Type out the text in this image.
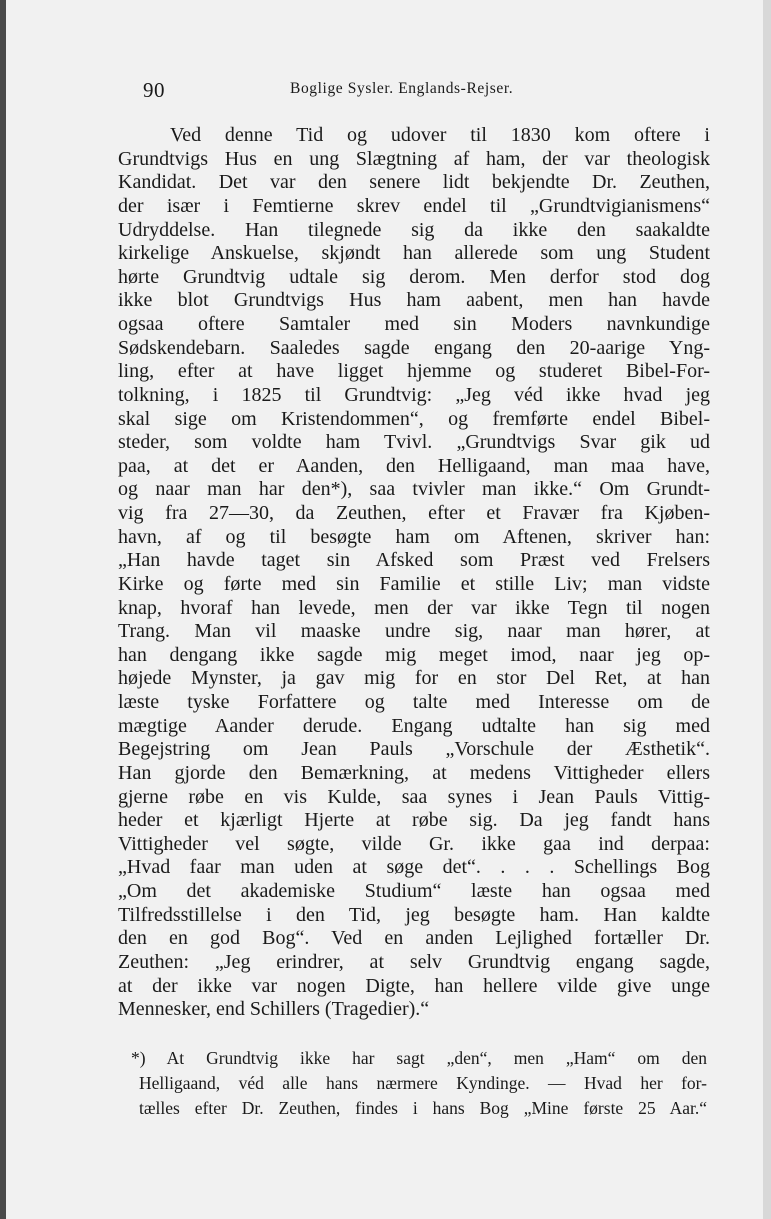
90	Boglige Sysler. Englands-Rejser.
Ved denne Tid og udover til 1830 kom oftere i
Grundtvigs Hus en ung Slægtning af ham, der var theologisk
Kandidat. Det var den senere lidt bekjendte Dr. Zeuthen,
der især i Femtierne skrev endel til „Grundtvigianismens“
Udryddelse. Han tilegnede sig da ikke den saakaldte
kirkelige Anskuelse, skjøndt han allerede som ung Student
hørte Grundtvig udtale sig derom. Men derfor stod dog
ikke blot Grundtvigs Hus ham aabent, men han havde
ogsaa oftere Samtaler med sin Moders navnkundige
Sødskendebarn. Saaledes sagde engang den 20-aarige Yng-
ling, efter at have ligget hjemme og studeret Bibel-For-
tolkning, i 1825 til Grundtvig: „Jeg véd ikke hvad jeg
skal sige om Kristendommen“, og fremførte endel Bibel-
steder, som voldte ham Tvivl. „Grundtvigs Svar gik ud
paa, at det er Aanden, den Helligaand, man maa have,
og naar man har den*), saa tvivler man ikke.“ Om Grundt-
vig fra 27—30, da Zeuthen, efter et Fravær fra Kjøben-
havn, af og til besøgte ham om Aftenen, skriver han:
„Han havde taget sin Afsked som Præst ved Frelsers
Kirke og førte med sin Familie et stille Liv; man vidste
knap, hvoraf han levede, men der var ikke Tegn til nogen
Trang. Man vil maaske undre sig, naar man hører, at
han dengang ikke sagde mig meget imod, naar jeg op-
højede Mynster, ja gav mig for en stor Del Ret, at han
læste tyske Forfattere og talte med Interesse om de
mægtige Aander derude. Engang udtalte han sig med
Begejstring om Jean Pauls „Vorschule der Æsthetik“.
Han gjorde den Bemærkning, at medens Vittigheder ellers
gjerne røbe en vis Kulde, saa synes i Jean Pauls Vittig-
heder et kjærligt Hjerte at røbe sig. Da jeg fandt hans
Vittigheder vel søgte, vilde Gr. ikke gaa ind derpaa:
„Hvad faar man uden at søge det“. . . . Schellings Bog
„Om det akademiske Studium“ læste han ogsaa med
Tilfredsstillelse i den Tid, jeg besøgte ham. Han kaldte
den en god Bog“. Ved en anden Lejlighed fortæller Dr.
Zeuthen: „Jeg erindrer, at selv Grundtvig engang sagde,
at der ikke var nogen Digte, han hellere vilde give unge
Mennesker, end Schillers (Tragedier).“
*) At Grundtvig ikke har sagt „den“, men „Ham“ om den
Helligaand, véd alle hans nærmere Kyndinge. — Hvad her for-
tælles efter Dr. Zeuthen, findes i hans Bog „Mine første 25 Aar.“
